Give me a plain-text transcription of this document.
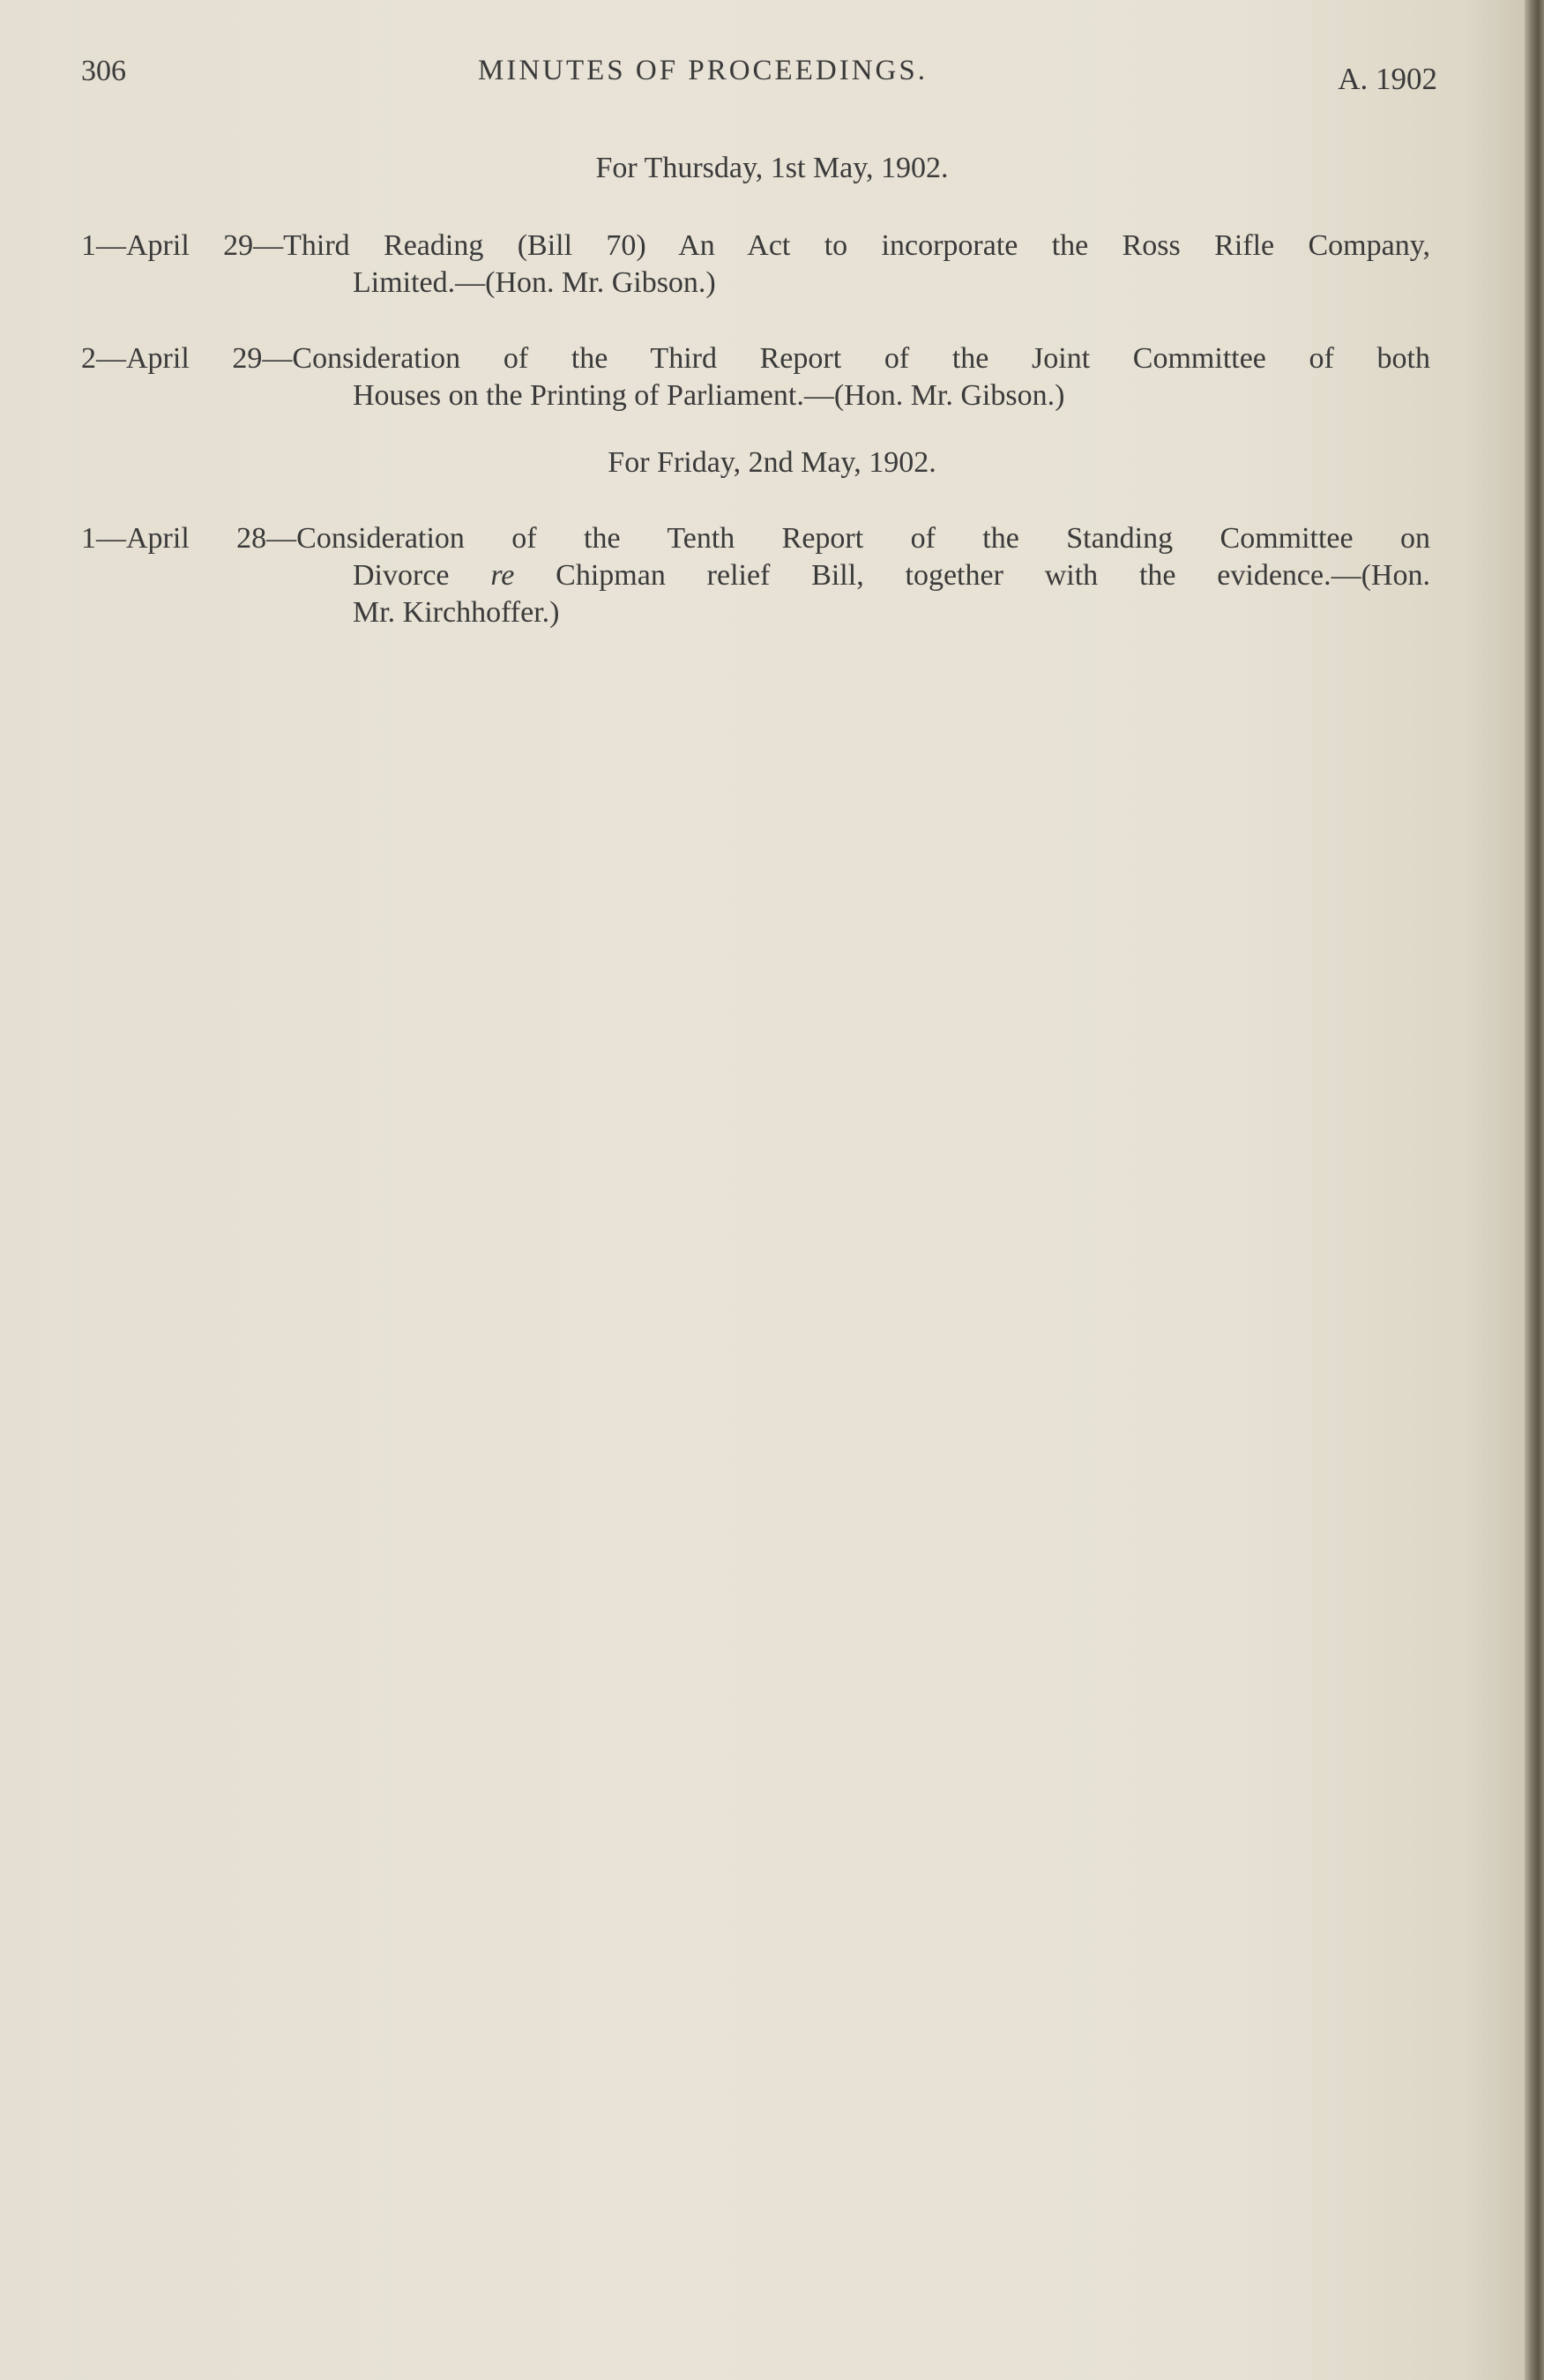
306	MINUTES OF PROCEEDINGS.	A. 1902
For Thursday, 1st May, 1902.
1—April 29—Third Reading (Bill 70) An Act to incorporate the Ross Rifle Company,
Limited.—(Hon. Mr. Gibson.)
2—April 29—Consideration of the Third Report of the Joint Committee of both
Houses on the Printing of Parliament.—(Hon. Mr. Gibson.)
For Friday, 2nd May, 1902.
1—April 28—Consideration of the Tenth Report of the Standing Committee on
Divorce re Chipman relief Bill, together with the evidence.—(Hon.
Mr. Kirchhoffer.)
